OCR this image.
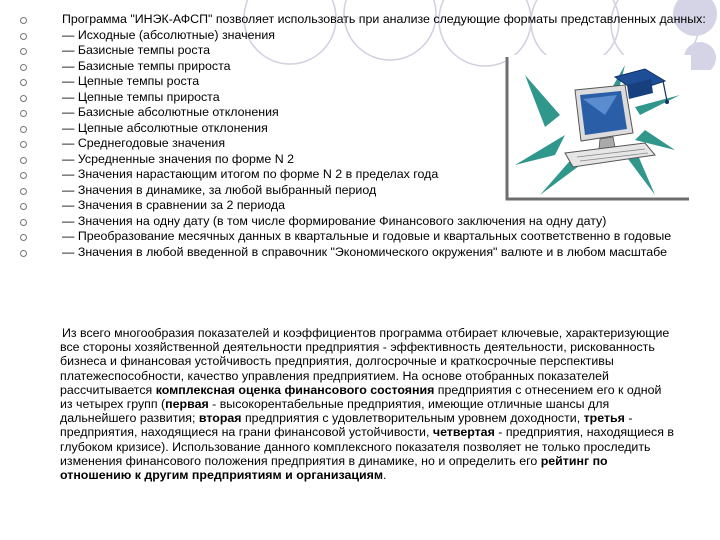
Программа "ИНЭК-АФСП" позволяет использовать при анализе следующие форматы представленных данных:
— Исходные (абсолютные) значения
— Базисные темпы роста
— Базисные темпы прироста
— Цепные темпы роста
— Цепные темпы прироста
— Базисные абсолютные отклонения
— Цепные абсолютные отклонения
— Среднегодовые значения
— Усредненные значения по форме N 2
— Значения нарастающим итогом по форме N 2 в пределах года
— Значения в динамике, за любой выбранный период
— Значения в сравнении за 2 периода
— Значения на одну дату (в том числе формирование Финансового заключения на одну дату)
— Преобразование месячных данных в квартальные и годовые и квартальных соответственно в годовые
— Значения в любой введенной в справочник "Экономического окружения" валюте и в любом масштабе

Из всего многообразия показателей и коэффициентов программа отбирает ключевые, характеризующие все стороны хозяйственной деятельности предприятия - эффективность деятельности, рискованность бизнеса и финансовая устойчивость предприятия, долгосрочные и краткосрочные перспективы платежеспособности, качество управления предприятием. На основе отобранных показателей рассчитывается комплексная оценка финансового состояния предприятия с отнесением его к одной из четырех групп (первая - высокорентабельные предприятия, имеющие отличные шансы для дальнейшего развития; вторая предприятия с удовлетворительным уровнем доходности, третья - предприятия, находящиеся на грани финансовой устойчивости, четвертая - предприятия, находящиеся в глубоком кризисе). Использование данного комплексного показателя позволяет не только проследить изменения финансового положения предприятия в динамике, но и определить его рейтинг по отношению к другим предприятиям и организациям.
